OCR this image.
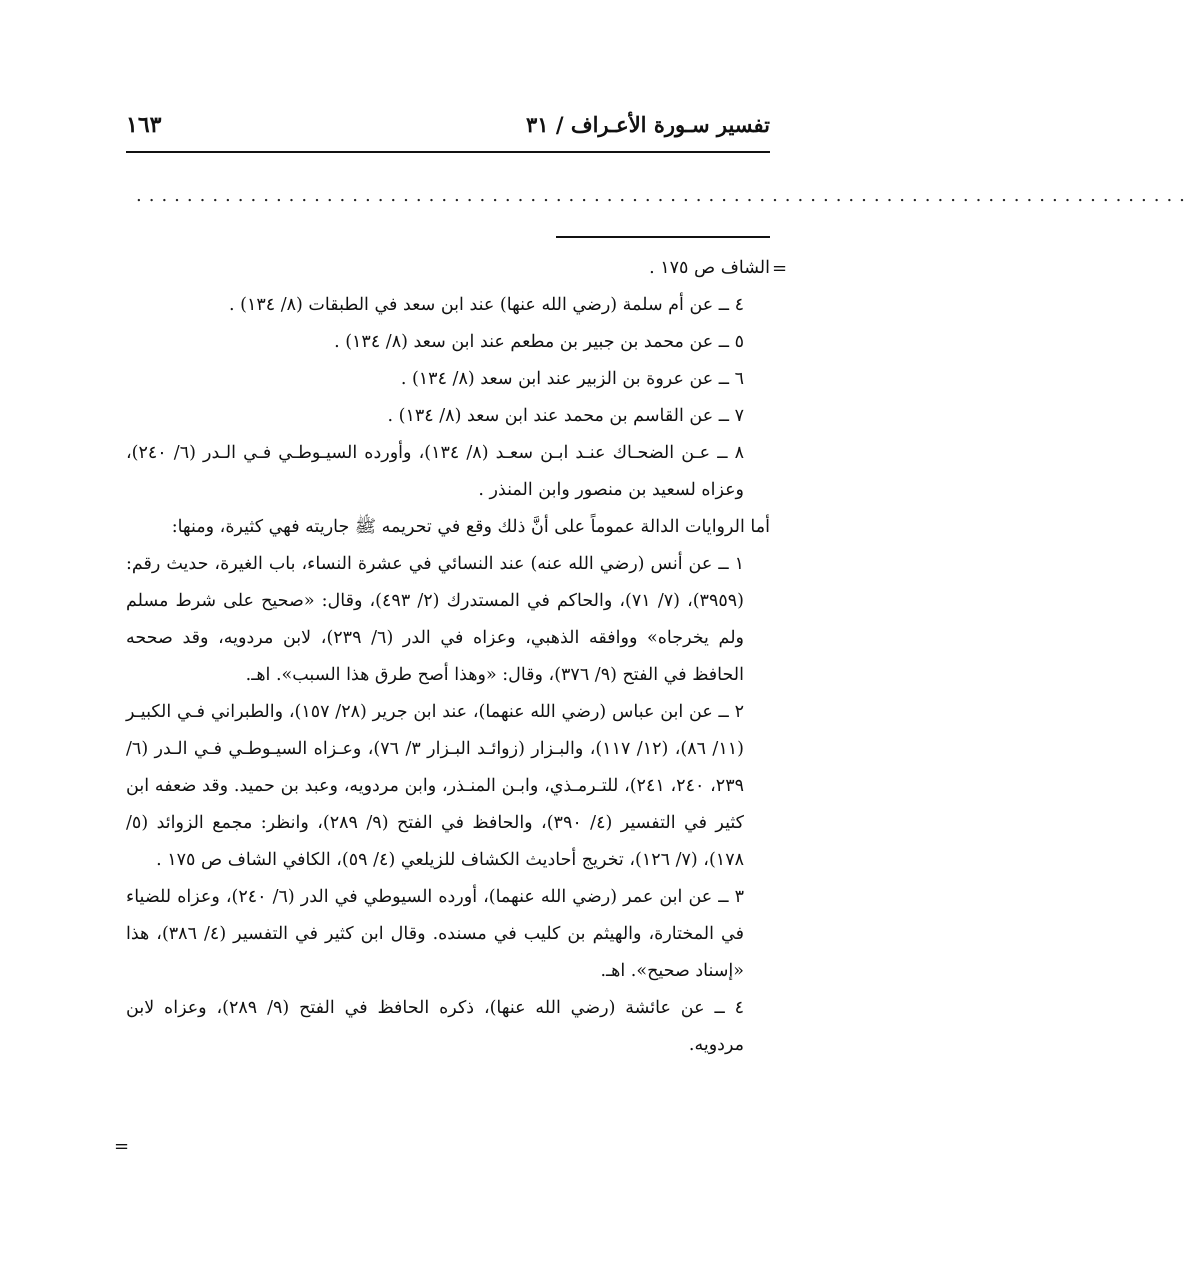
تفسير سـورة الأعـراف / ٣١
١٦٣
...................................................................................
=
=

الشاف ص ١٧٥ .

٤ ــ عن أم سلمة (رضي الله عنها) عند ابن سعد في الطبقات (٨/ ١٣٤) .

٥ ــ عن محمد بن جبير بن مطعم عند ابن سعد (٨/ ١٣٤) .

٦ ــ عن عروة بن الزبير عند ابن سعد (٨/ ١٣٤) .

٧ ــ عن القاسم بن محمد عند ابن سعد (٨/ ١٣٤) .

٨ ــ عـن الضحـاك عنـد ابـن سعـد (٨/ ١٣٤)، وأورده السيـوطـي فـي الـدر (٦/ ٢٤٠)، وعزاه لسعيد بن منصور وابن المنذر .

أما الروايات الدالة عموماً على أنَّ ذلك وقع في تحريمه ﷺ جاريته فهي كثيرة، ومنها:

١ ــ عن أنس (رضي الله عنه) عند النسائي في عشرة النساء، باب الغيرة، حديث رقم: (٣٩٥٩)، (٧/ ٧١)، والحاكم في المستدرك (٢/ ٤٩٣)، وقال: «صحيح على شرط مسلم ولم يخرجاه» ووافقه الذهبي، وعزاه في الدر (٦/ ٢٣٩)، لابن مردويه، وقد صححه الحافظ في الفتح (٩/ ٣٧٦)، وقال: «وهذا أصح طرق هذا السبب». اهـ.

٢ ــ عن ابن عباس (رضي الله عنهما)، عند ابن جرير (٢٨/ ١٥٧)، والطبراني فـي الكبيـر (١١/ ٨٦)، (١٢/ ١١٧)، والبـزار (زوائـد البـزار ٣/ ٧٦)، وعـزاه السيـوطـي فـي الـدر (٦/ ٢٣٩، ٢٤٠، ٢٤١)، للتـرمـذي، وابـن المنـذر، وابن مردويه، وعبد بن حميد. وقد ضعفه ابن كثير في التفسير (٤/ ٣٩٠)، والحافظ في الفتح (٩/ ٢٨٩)، وانظر: مجمع الزوائد (٥/ ١٧٨)، (٧/ ١٢٦)، تخريج أحاديث الكشاف للزيلعي (٤/ ٥٩)، الكافي الشاف ص ١٧٥ .

٣ ــ عن ابن عمر (رضي الله عنهما)، أورده السيوطي في الدر (٦/ ٢٤٠)، وعزاه للضياء في المختارة، والهيثم بن كليب في مسنده. وقال ابن كثير في التفسير (٤/ ٣٨٦)، هذا «إسناد صحيح». اهـ.

٤ ــ عن عائشة (رضي الله عنها)، ذكره الحافظ في الفتح (٩/ ٢٨٩)، وعزاه لابن مردويه.
